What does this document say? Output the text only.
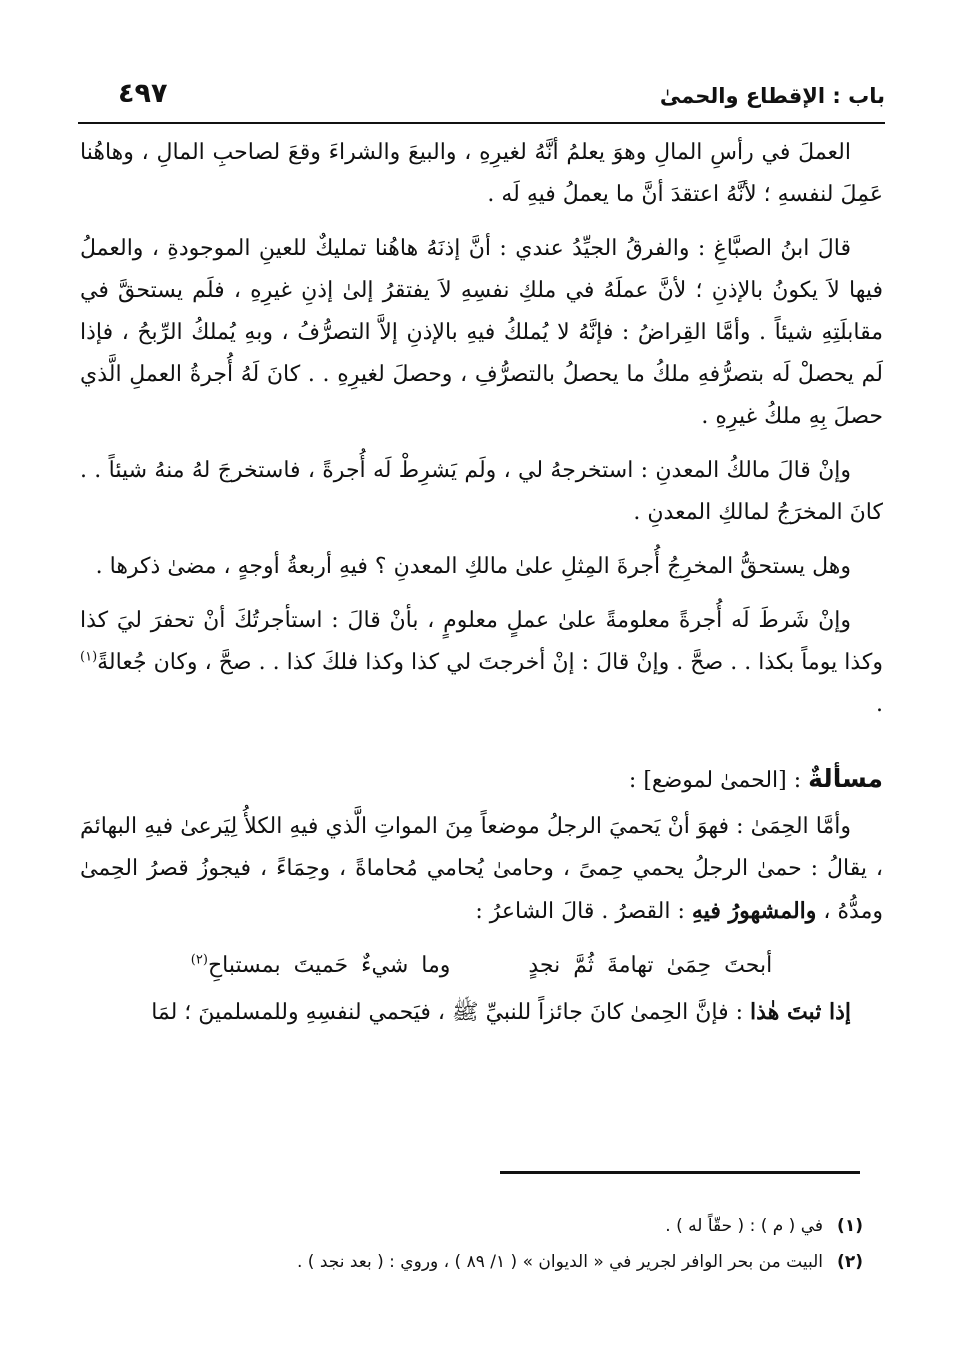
باب : الإقطاع والحمىٰ
٤٩٧

العملَ في رأسِ المالِ وهوَ يعلمُ أنَّهُ لغيرِهِ ، والبيعَ والشراءَ وقعَ لصاحبِ المالِ ، وهاهُنا عَمِلَ لنفسهِ ؛ لأنَّهُ اعتقدَ أنَّ ما يعملُ فيهِ لَه .

قالَ ابنُ الصبَّاغِ : والفرقُ الجيِّدُ عندي : أنَّ إذنَهُ هاهُنا تمليكٌ للعينِ الموجودةِ ، والعملُ فيها لاَ يكونُ بالإذنِ ؛ لأنَّ عملَهُ في ملكِ نفسِهِ لاَ يفتقرُ إلىٰ إذنِ غيرِهِ ، فلَم يستحقَّ في مقابلَتِهِ شيئاً . وأمَّا القِراضُ : فإنَّهُ لا يُملكُ فيهِ بالإذنِ إلاَّ التصرُّفُ ، وبهِ يُملكُ الرِّبحُ ، فإذا لَم يحصلْ لَه بتصرُّفهِ ملكُ ما يحصلُ بالتصرُّفِ ، وحصلَ لغيرِهِ . . كانَ لَهُ أُجرةُ العملِ الَّذي حصلَ بِهِ ملكُ غيرِهِ .

وإنْ قالَ مالكُ المعدنِ : استخرجهُ لي ، ولَم يَشرِطْ لَه أُجرةً ، فاستخرجَ لهُ منهُ شيئاً . . كانَ المخرَجُ لمالكِ المعدنِ .

وهل يستحقُّ المخرِجُ أُجرةَ المِثلِ علىٰ مالكِ المعدنِ ؟ فيهِ أربعةُ أوجهٍ ، مضىٰ ذكرها .

وإنْ شَرطَ لَه أُجرةً معلومةً علىٰ عملٍ معلومٍ ، بأنْ قالَ : استأجرتُكَ أنْ تحفرَ ليَ كذا وكذا يوماً بكذا . . صحَّ . وإنْ قالَ : إنْ أخرجتَ لي كذا وكذا فلكَ كذا . . صحَّ ، وكان جُعالةً$^{(١)}$ .

مسألةٌ : [الحمىٰ لموضع] :

وأمَّا الحِمَىٰ : فهوَ أنْ يَحميَ الرجلُ موضعاً مِنَ المواتِ الَّذي فيهِ الكلأُ لِيَرعىٰ فيهِ البهائمَ ، يقالُ : حمىٰ الرجلُ يحمي حِمىً ، وحامىٰ يُحامي مُحاماةً ، وحِمَاءً ، فيجوزُ قصرُ الحِمىٰ ومدُّهُ ، والمشهورُ فيهِ : القصرُ . قالَ الشاعرُ :

أبحتَ حِمَىٰ تهامةَ ثُمَّ نجدٍ      وما شيءٌ حَميتَ بمستباحِ$^{(٢)}$

إذا ثبتَ هٰذا : فإنَّ الحِمىٰ كانَ جائزاً للنبيِّ ﷺ ، فيَحمي لنفسِهِ وللمسلمينَ ؛ لمَا

(١)في ( م ) : ( حقّاً له ) .
(٢)البيت من بحر الوافر لجرير في « الديوان » ( ١/ ٨٩ ) ، وروي : ( بعد نجد ) .
